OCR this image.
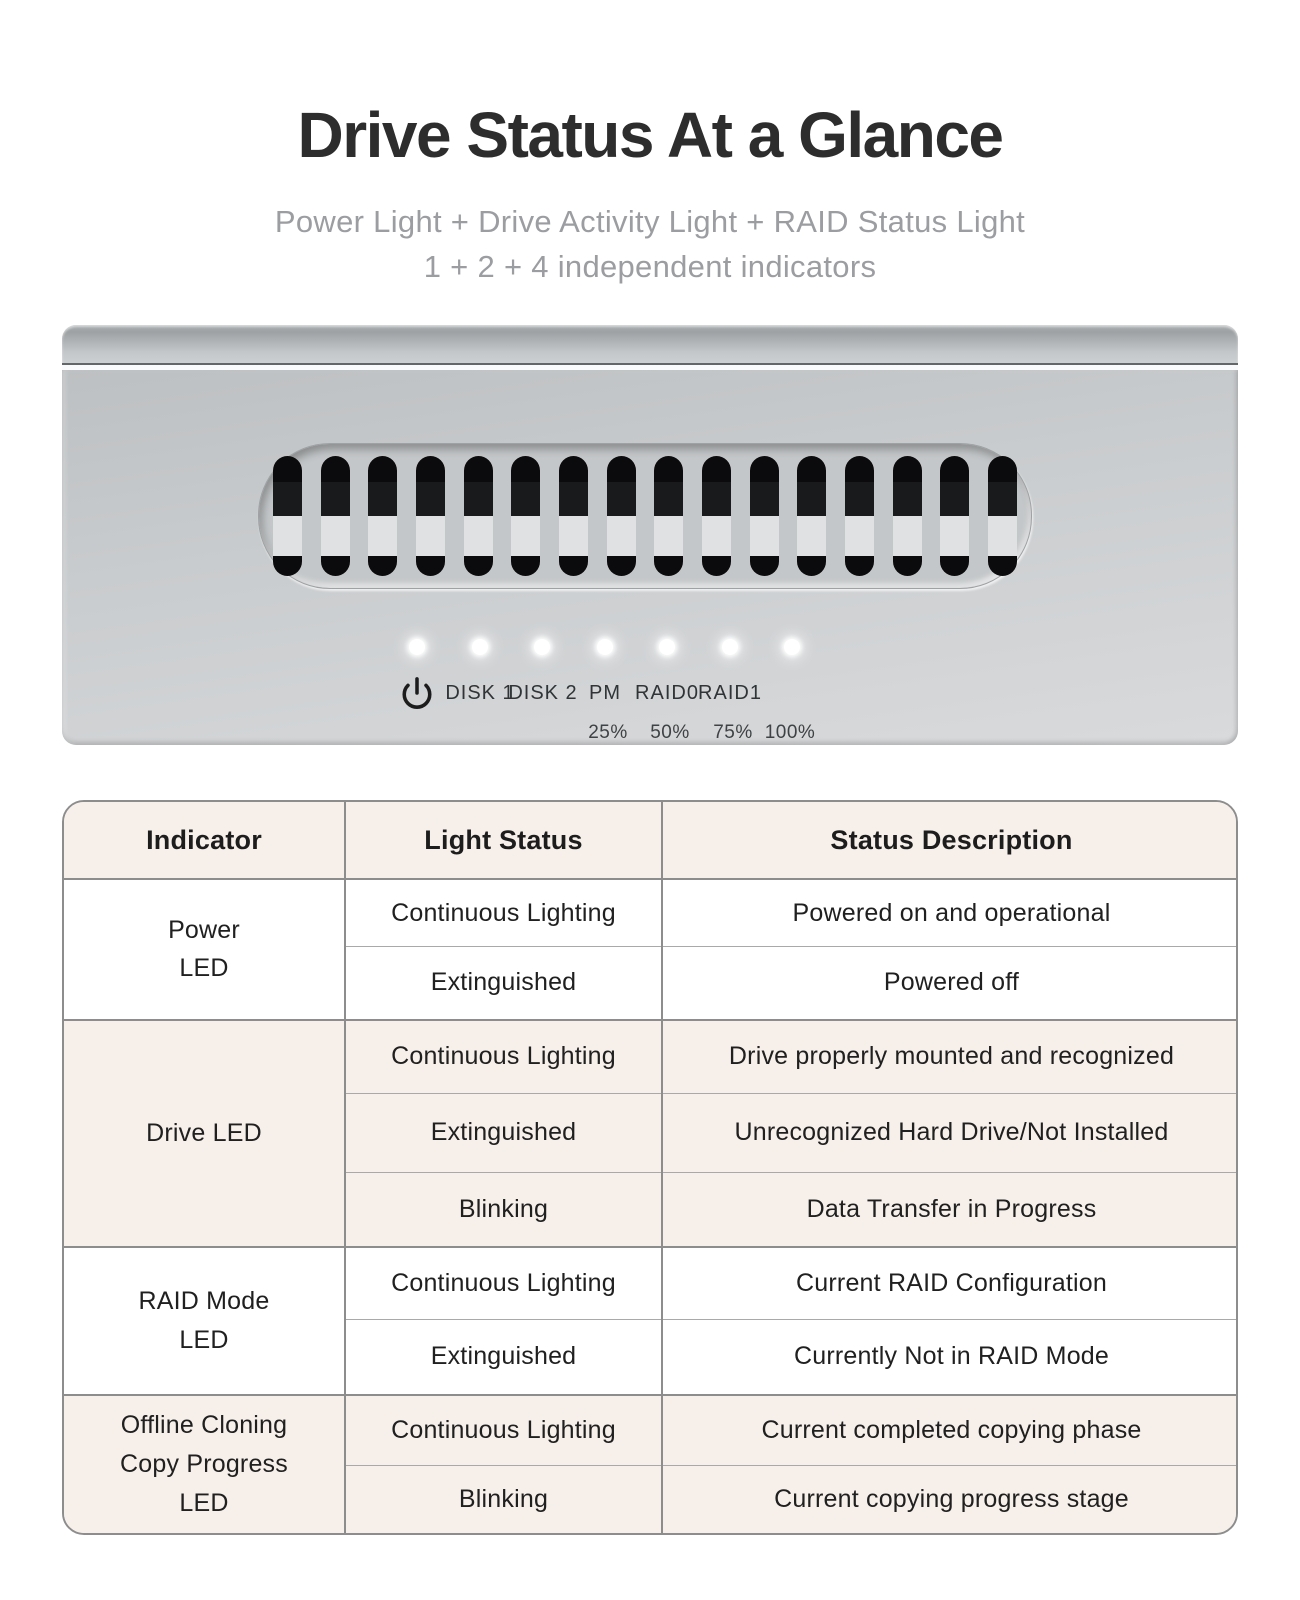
Drive Status At a Glance
Power Light + Drive Activity Light + RAID Status Light
1 + 2 + 4 independent indicators
DISK 1
DISK 2 PM RAID0 RAID1
25% 50% 75% 100%
Indicator	Light Status	Status Description

Power
LED	Continuous Lighting	Powered on and operational
	Extinguished	Powered off

Drive LED	Continuous Lighting	Drive properly mounted and recognized
	Extinguished	Unrecognized Hard Drive/Not Installed
	Blinking	Data Transfer in Progress

RAID Mode
LED	Continuous Lighting	Current RAID Configuration
	Extinguished	Currently Not in RAID Mode

Offline Cloning
Copy Progress
LED	Continuous Lighting	Current completed copying phase
	Blinking	Current copying progress stage
